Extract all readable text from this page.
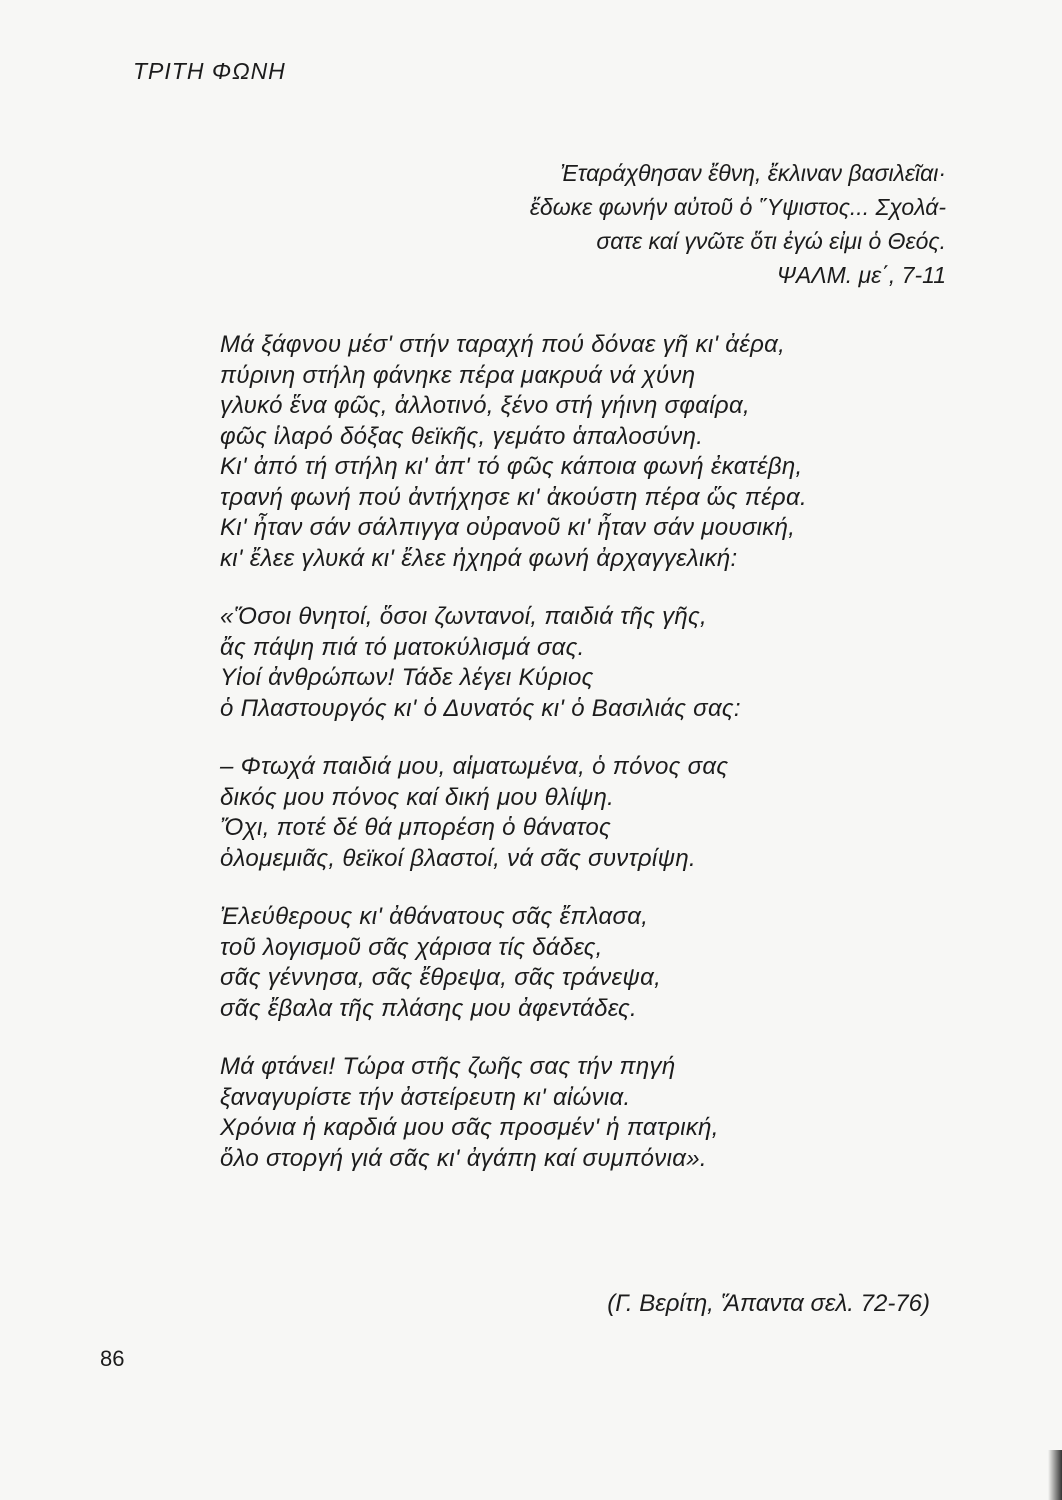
ΤΡΙΤΗ ΦΩΝΗ
Ἐταράχθησαν ἔθνη, ἔκλιναν βασιλεῖαι·
ἔδωκε φωνήν αὐτοῦ ὁ Ὕψιστος... Σχολά-
σατε καί γνῶτε ὅτι ἐγώ εἰμι ὁ Θεός.
ΨΑΛΜ. με΄, 7-11
Μά ξάφνου μέσ' στήν ταραχή πού δόναε γῆ κι' ἀέρα,
πύρινη στήλη φάνηκε πέρα μακρυά νά χύνη
γλυκό ἕνα φῶς, ἀλλοτινό, ξένο στή γήινη σφαίρα,
φῶς ἱλαρό δόξας θεϊκῆς, γεμάτο ἁπαλοσύνη.
Κι' ἀπό τή στήλη κι' ἀπ' τό φῶς κάποια φωνή ἐκατέβη,
τρανή φωνή πού ἀντήχησε κι' ἀκούστη πέρα ὥς πέρα.
Κι' ἦταν σάν σάλπιγγα οὐρανοῦ κι' ἦταν σάν μουσική,
κι' ἔλεε γλυκά κι' ἔλεε ἠχηρά φωνή ἀρχαγγελική:
«Ὅσοι θνητοί, ὅσοι ζωντανοί, παιδιά τῆς γῆς,
ἄς πάψη πιά τό ματοκύλισμά σας.
Υἱοί ἀνθρώπων! Τάδε λέγει Κύριος
ὁ Πλαστουργός κι' ὁ Δυνατός κι' ὁ Βασιλιάς σας:
– Φτωχά παιδιά μου, αἱματωμένα, ὁ πόνος σας
δικός μου πόνος καί δική μου θλίψη.
Ὄχι, ποτέ δέ θά μπορέση ὁ θάνατος
ὁλομεμιᾶς, θεϊκοί βλαστοί, νά σᾶς συντρίψη.
Ἐλεύθερους κι' ἀθάνατους σᾶς ἔπλασα,
τοῦ λογισμοῦ σᾶς χάρισα τίς δάδες,
σᾶς γέννησα, σᾶς ἔθρεψα, σᾶς τράνεψα,
σᾶς ἔβαλα τῆς πλάσης μου ἀφεντάδες.
Μά φτάνει! Τώρα στῆς ζωῆς σας τήν πηγή
ξαναγυρίστε τήν ἀστείρευτη κι' αἰώνια.
Χρόνια ἡ καρδιά μου σᾶς προσμέν' ἡ πατρική,
ὅλο στοργή γιά σᾶς κι' ἀγάπη καί συμπόνια».
(Γ. Βερίτη, Ἅπαντα σελ. 72-76)
86
